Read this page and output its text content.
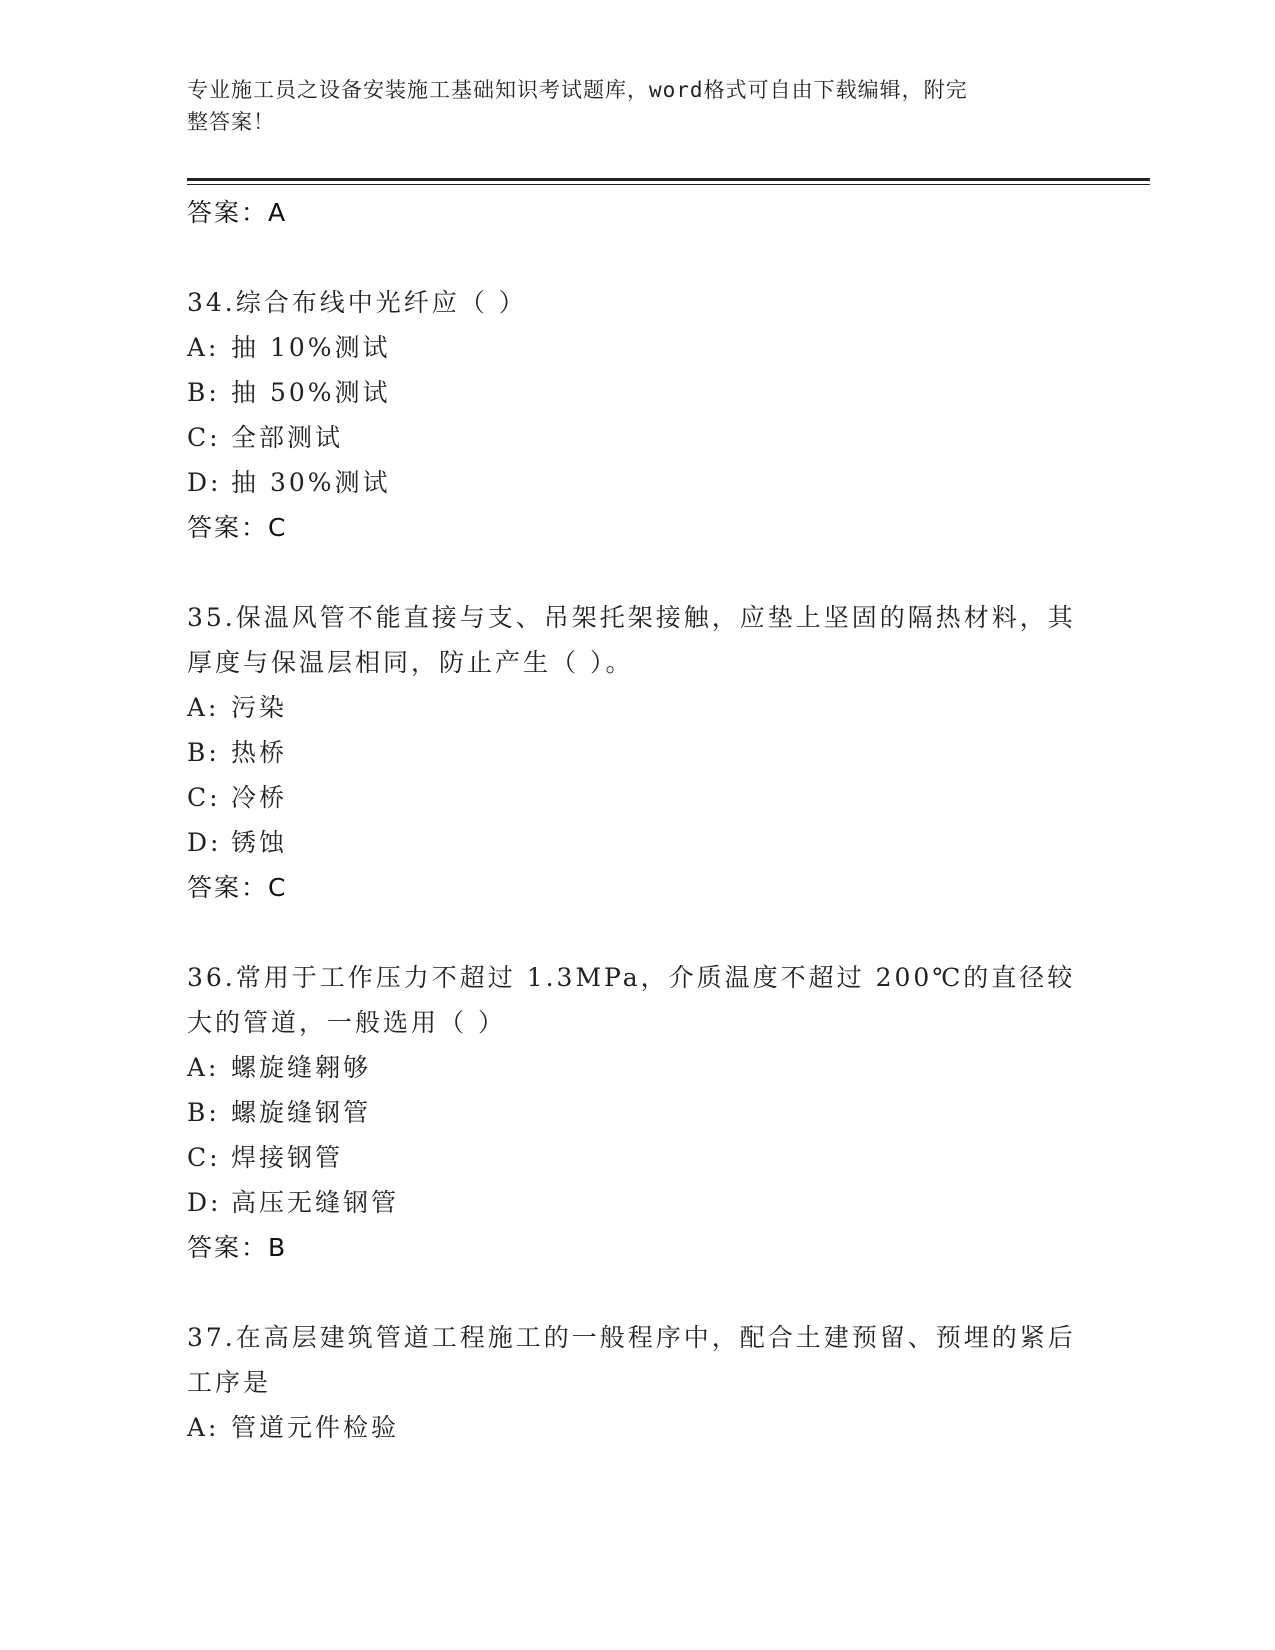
专业施工员之设备安装施工基础知识考试题库，word格式可自由下载编辑，附完
整答案！
答案：A
34.综合布线中光纤应（ ）
A: 抽 10%测试
B: 抽 50%测试
C: 全部测试
D: 抽 30%测试
答案：C
35.保温风管不能直接与支、吊架托架接触，应垫上坚固的隔热材料，其厚度与保温层相同，防止产生（ ）。
A: 污染
B: 热桥
C: 冷桥
D: 锈蚀
答案：C
36.常用于工作压力不超过 1.3MPa，介质温度不超过 200℃的直径较大的管道，一般选用（ ）
A: 螺旋缝翱够
B: 螺旋缝钢管
C: 焊接钢管
D: 高压无缝钢管
答案：B
37.在高层建筑管道工程施工的一般程序中，配合土建预留、预埋的紧后工序是
A: 管道元件检验
